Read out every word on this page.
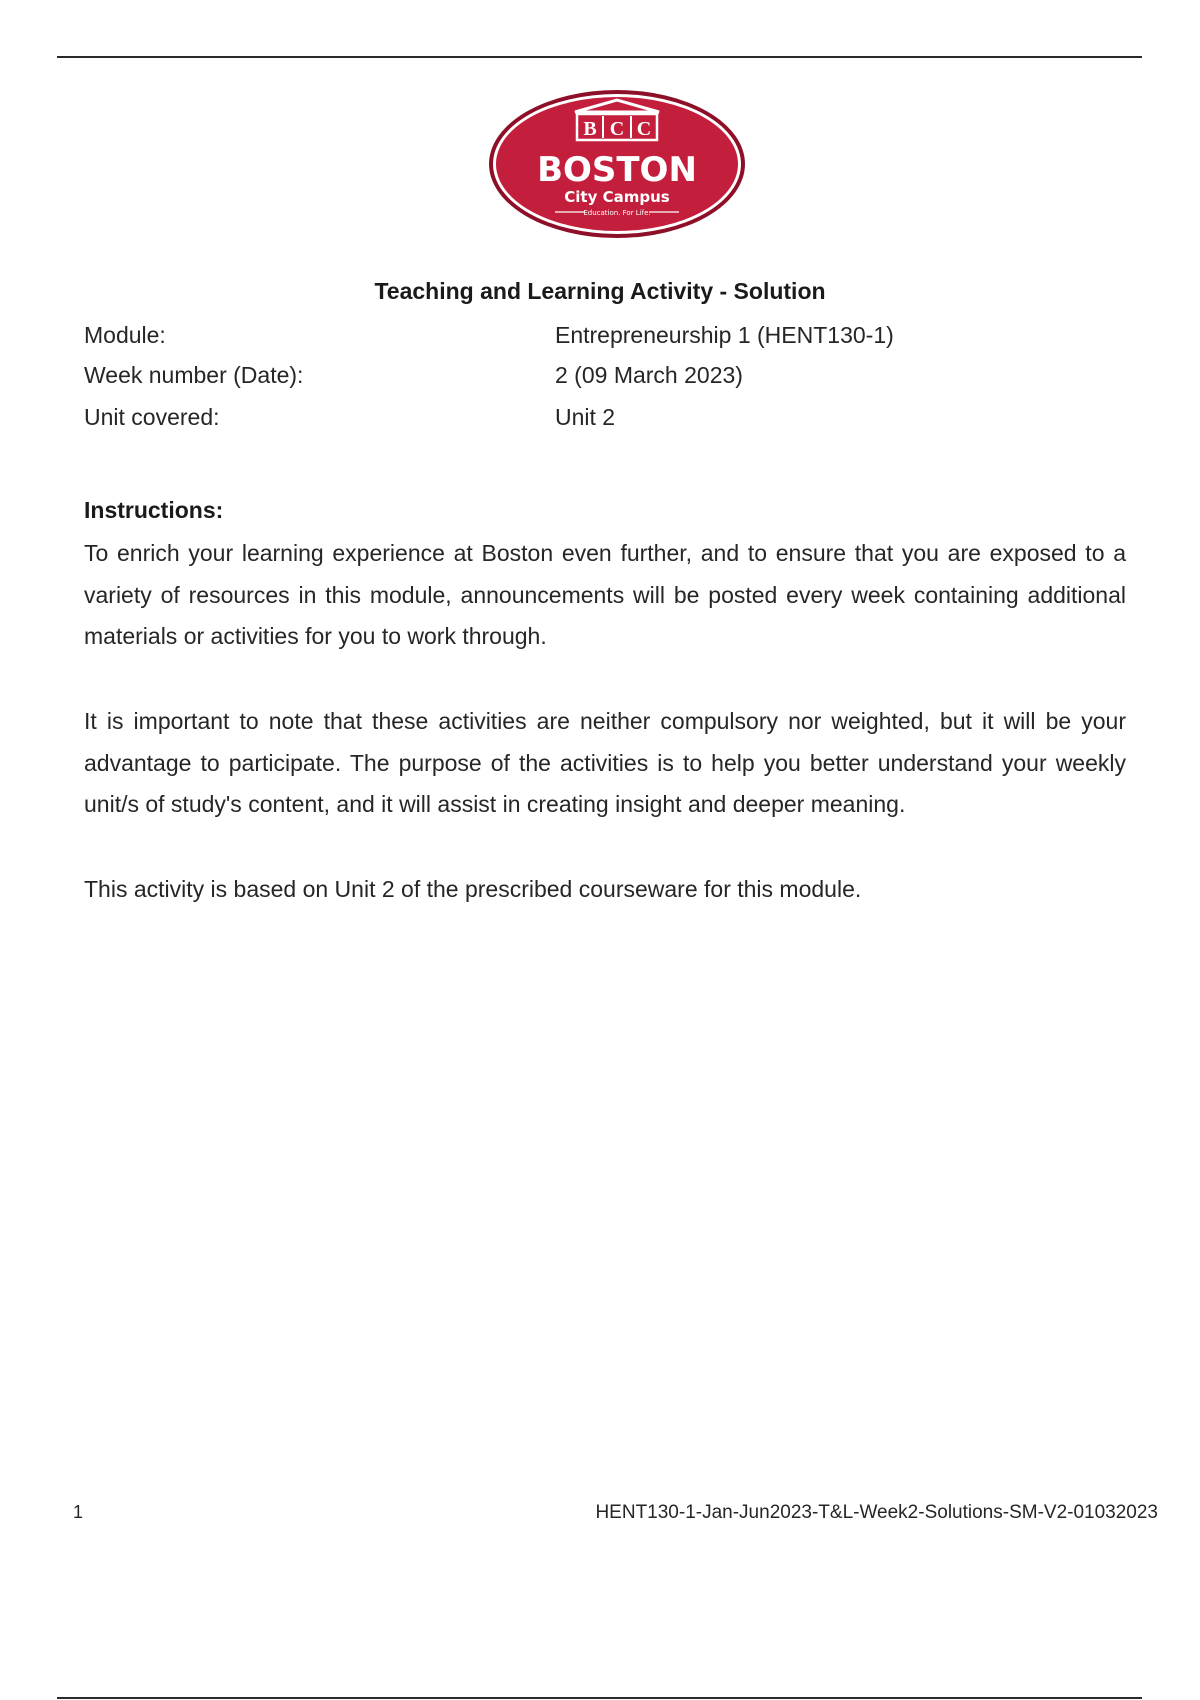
B C C
BOSTON
City Campus
Education. For Life.
Teaching and Learning Activity - Solution
Module:	Entrepreneurship 1 (HENT130-1)
Week number (Date):	2 (09 March 2023)
Unit covered:	Unit 2
Instructions:

To enrich your learning experience at Boston even further, and to ensure that you are exposed to a variety of resources in this module, announcements will be posted every week containing additional materials or activities for you to work through.

It is important to note that these activities are neither compulsory nor weighted, but it will be your advantage to participate. The purpose of the activities is to help you better understand your weekly unit/s of study's content, and it will assist in creating insight and deeper meaning.

This activity is based on Unit 2 of the prescribed courseware for this module.

1	HENT130-1-Jan-Jun2023-T&L-Week2-Solutions-SM-V2-01032023
